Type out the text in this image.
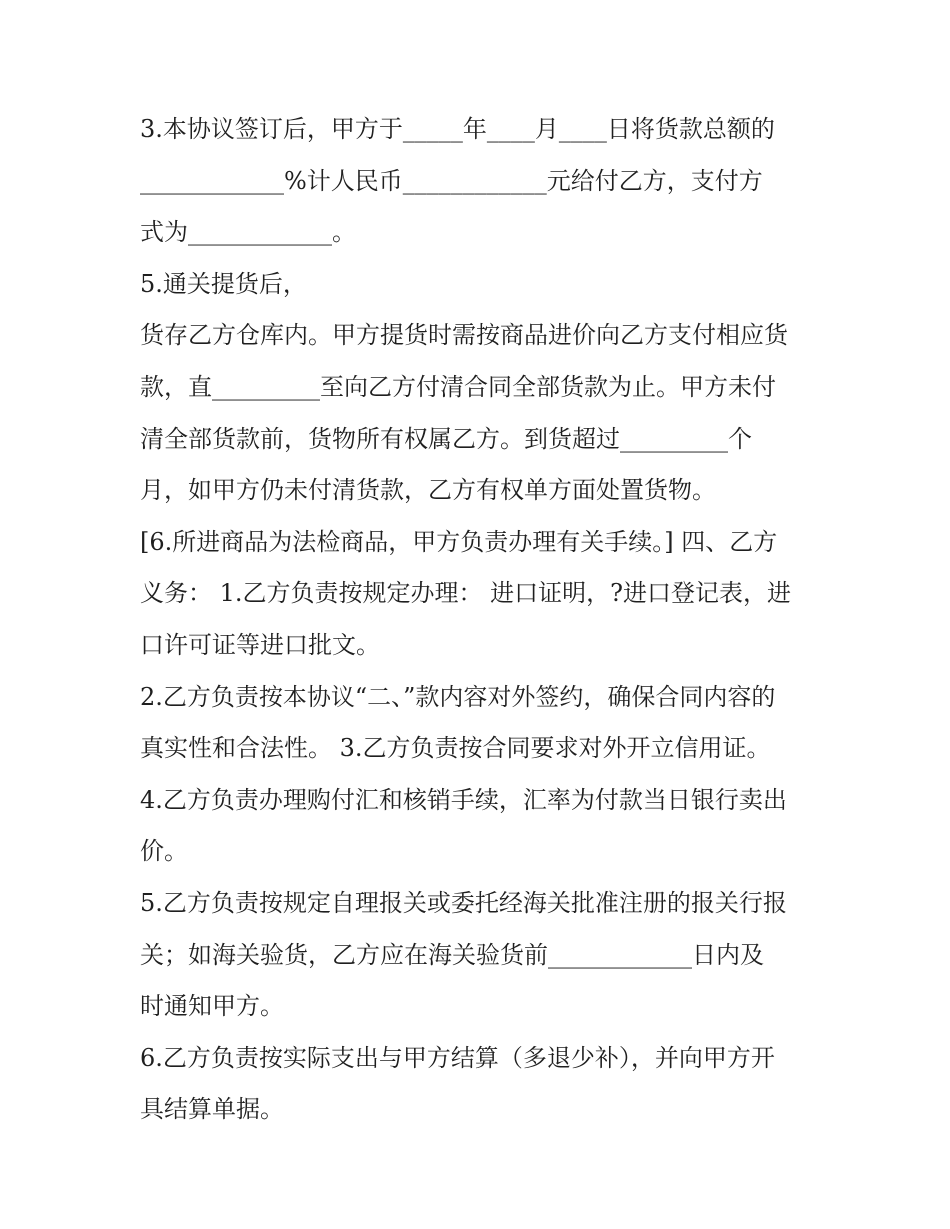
3.本协议签订后，甲方于_____年____月____日将货款总额的
____________%计人民币____________元给付乙方，支付方
式为____________。
5.通关提货后，
货存乙方仓库内。甲方提货时需按商品进价向乙方支付相应货
款，直_________至向乙方付清合同全部货款为止。甲方未付
清全部货款前，货物所有权属乙方。到货超过_________个
月，如甲方仍未付清货款，乙方有权单方面处置货物。
[6.所进商品为法检商品，甲方负责办理有关手续。] 四、乙方
义务： 1.乙方负责按规定办理： 进口证明，?进口登记表，进
口许可证等进口批文。
2.乙方负责按本协议“二、”款内容对外签约，确保合同内容的
真实性和合法性。 3.乙方负责按合同要求对外开立信用证。
4.乙方负责办理购付汇和核销手续，汇率为付款当日银行卖出
价。
5.乙方负责按规定自理报关或委托经海关批准注册的报关行报
关；如海关验货，乙方应在海关验货前____________日内及
时通知甲方。
6.乙方负责按实际支出与甲方结算（多退少补），并向甲方开
具结算单据。
